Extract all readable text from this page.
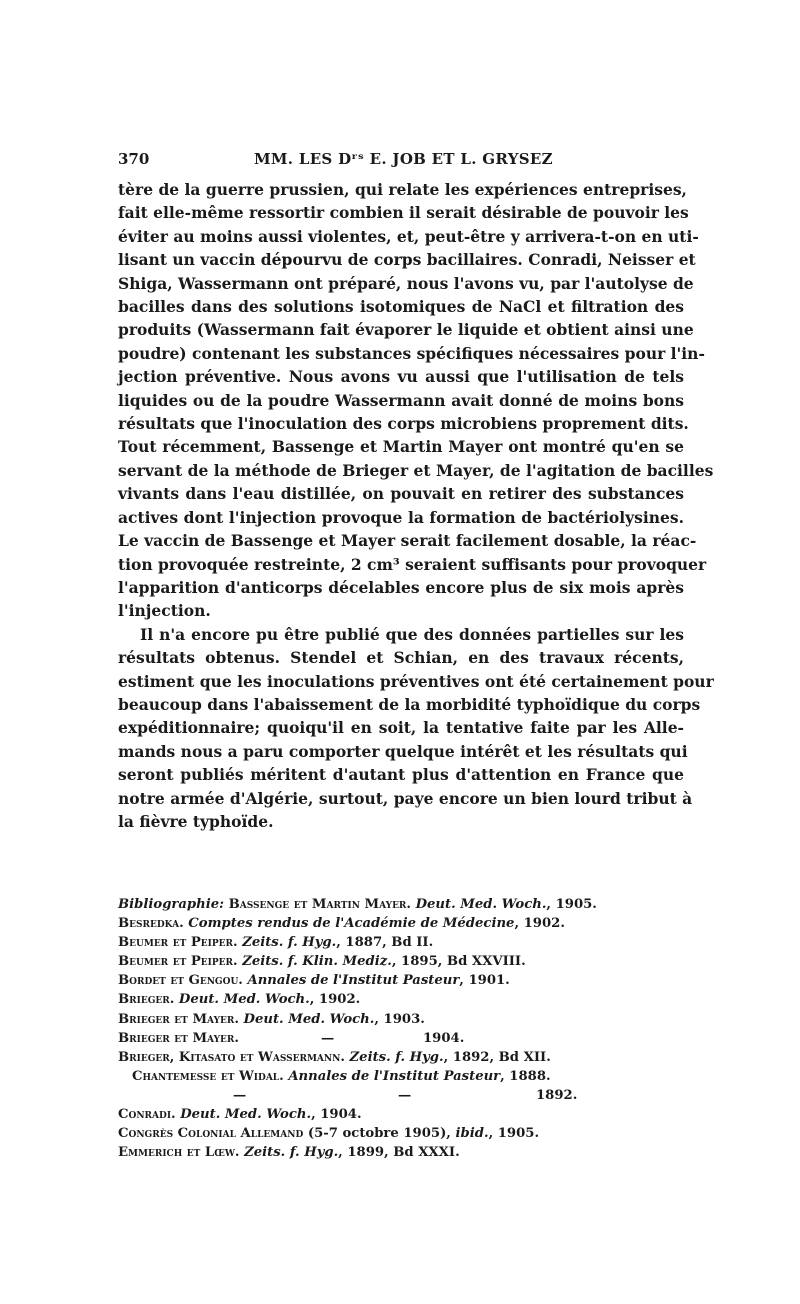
370	MM. LES Dʳˢ E. JOB ET L. GRYSEZ
tère de la guerre prussien, qui relate les expériences entreprises,
fait elle-même ressortir combien il serait désirable de pouvoir les
éviter au moins aussi violentes, et, peut-être y arrivera-t-on en uti-
lisant un vaccin dépourvu de corps bacillaires. Conradi, Neisser et
Shiga, Wassermann ont préparé, nous l'avons vu, par l'autolyse de
bacilles dans des solutions isotomiques de NaCl et filtration des
produits (Wassermann fait évaporer le liquide et obtient ainsi une
poudre) contenant les substances spécifiques nécessaires pour l'in-
jection préventive. Nous avons vu aussi que l'utilisation de tels
liquides ou de la poudre Wassermann avait donné de moins bons
résultats que l'inoculation des corps microbiens proprement dits.
Tout récemment, Bassenge et Martin Mayer ont montré qu'en se
servant de la méthode de Brieger et Mayer, de l'agitation de bacilles
vivants dans l'eau distillée, on pouvait en retirer des substances
actives dont l'injection provoque la formation de bactériolysines.
Le vaccin de Bassenge et Mayer serait facilement dosable, la réac-
tion provoquée restreinte, 2 cm³ seraient suffisants pour provoquer
l'apparition d'anticorps décelables encore plus de six mois après
l'injection.
Il n'a encore pu être publié que des données partielles sur les
résultats obtenus. Stendel et Schian, en des travaux récents,
estiment que les inoculations préventives ont été certainement pour
beaucoup dans l'abaissement de la morbidité typhoïdique du corps
expéditionnaire; quoiqu'il en soit, la tentative faite par les Alle-
mands nous a paru comporter quelque intérêt et les résultats qui
seront publiés méritent d'autant plus d'attention en France que
notre armée d'Algérie, surtout, paye encore un bien lourd tribut à
la fièvre typhoïde.
Bibliographie: Bassenge et Martin Mayer. Deut. Med. Woch., 1905.
Besredka. Comptes rendus de l'Académie de Médecine, 1902.
Beumer et Peiper. Zeits. f. Hyg., 1887, Bd II.
Beumer et Peiper. Zeits. f. Klin. Mediz., 1895, Bd XXVIII.
Bordet et Gengou. Annales de l'Institut Pasteur, 1901.
Brieger. Deut. Med. Woch., 1902.
Brieger et Mayer. Deut. Med. Woch., 1903.
Brieger et Mayer.	—	1904.
Brieger, Kitasato et Wassermann. Zeits. f. Hyg., 1892, Bd XII.
Chantemesse et Widal. Annales de l'Institut Pasteur, 1888.
—	—	1892.
Conradi. Deut. Med. Woch., 1904.
Congrès Colonial Allemand (5-7 octobre 1905), ibid., 1905.
Emmerich et Lœw. Zeits. f. Hyg., 1899, Bd XXXI.
